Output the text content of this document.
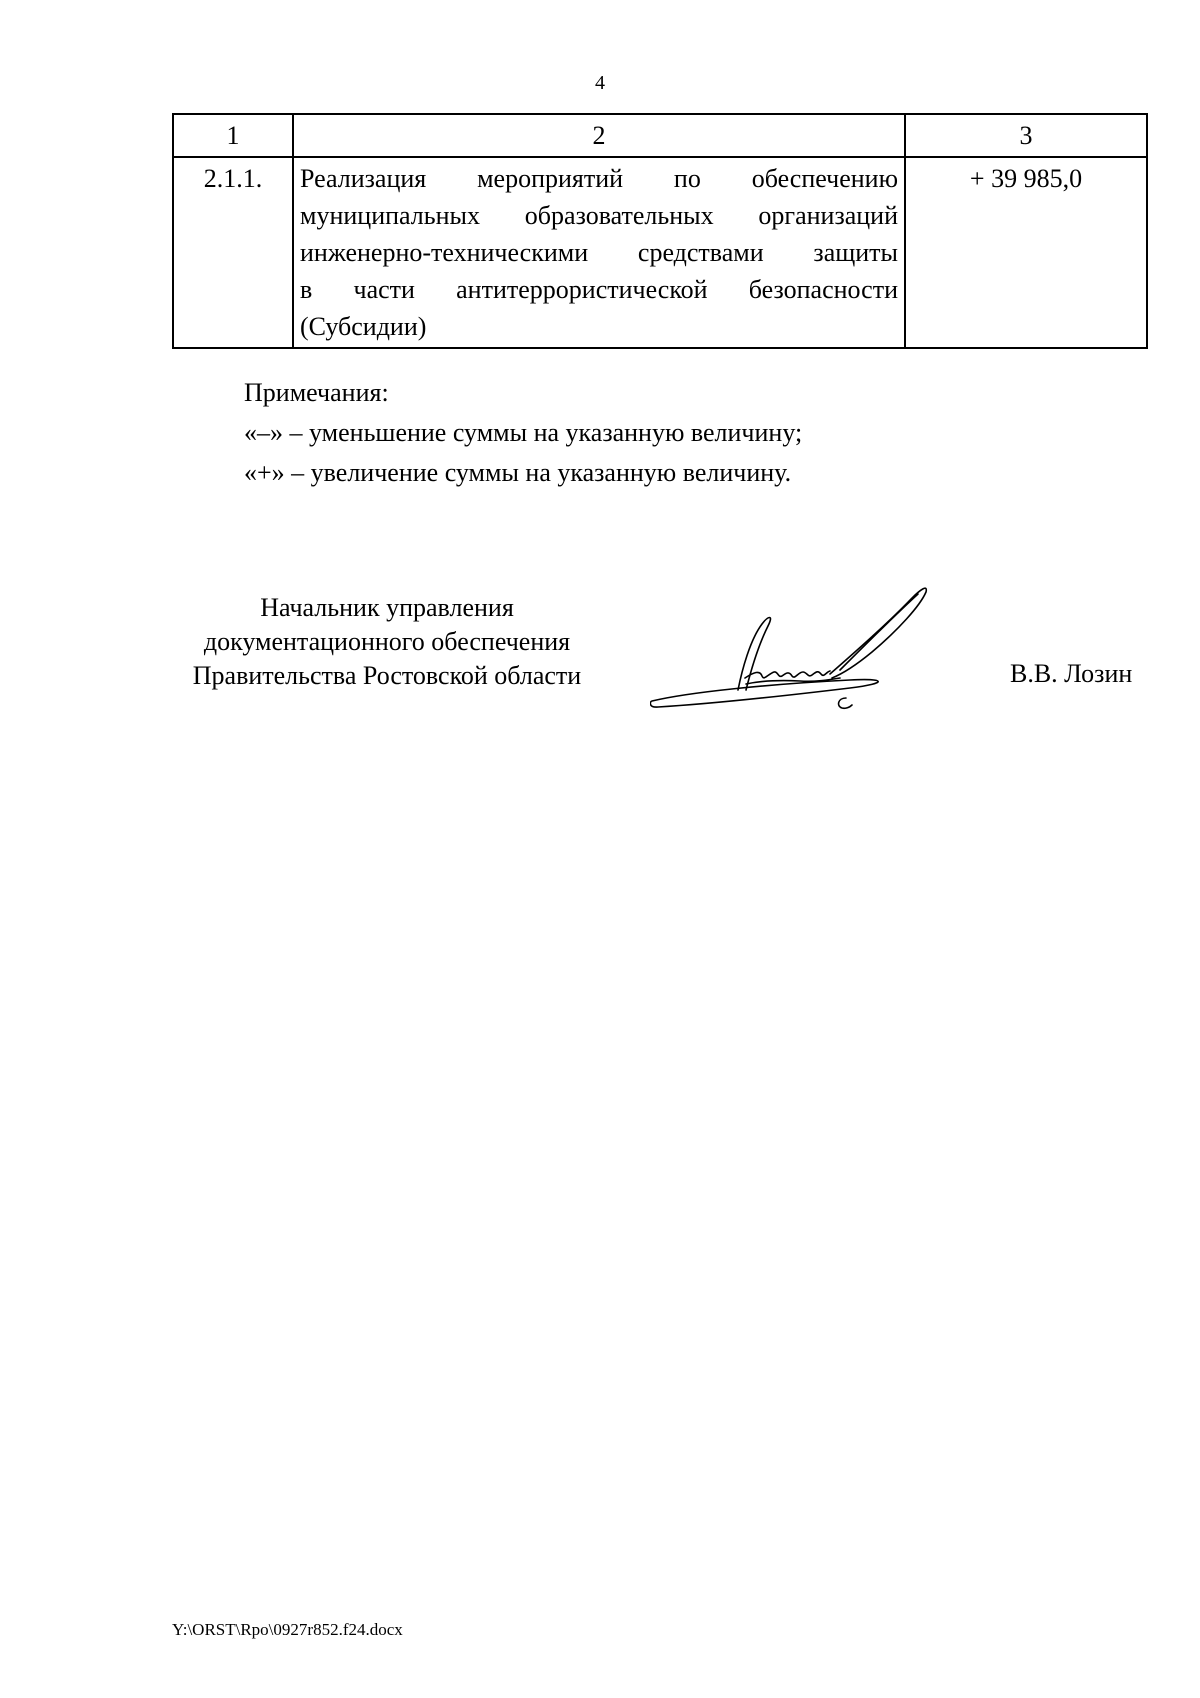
4
1	2	3
2.1.1.	Реализация мероприятий по обеспечению
муниципальных образовательных организаций
инженерно-техническими средствами защиты
в части антитеррористической безопасности
(Субсидии)	+ 39 985,0
Примечания:
«–» – уменьшение суммы на указанную величину;
«+» – увеличение суммы на указанную величину.
Начальник управления
документационного обеспечения
Правительства Ростовской области	В.В. Лозин
Y:\ORST\Rpo\0927r852.f24.docx
